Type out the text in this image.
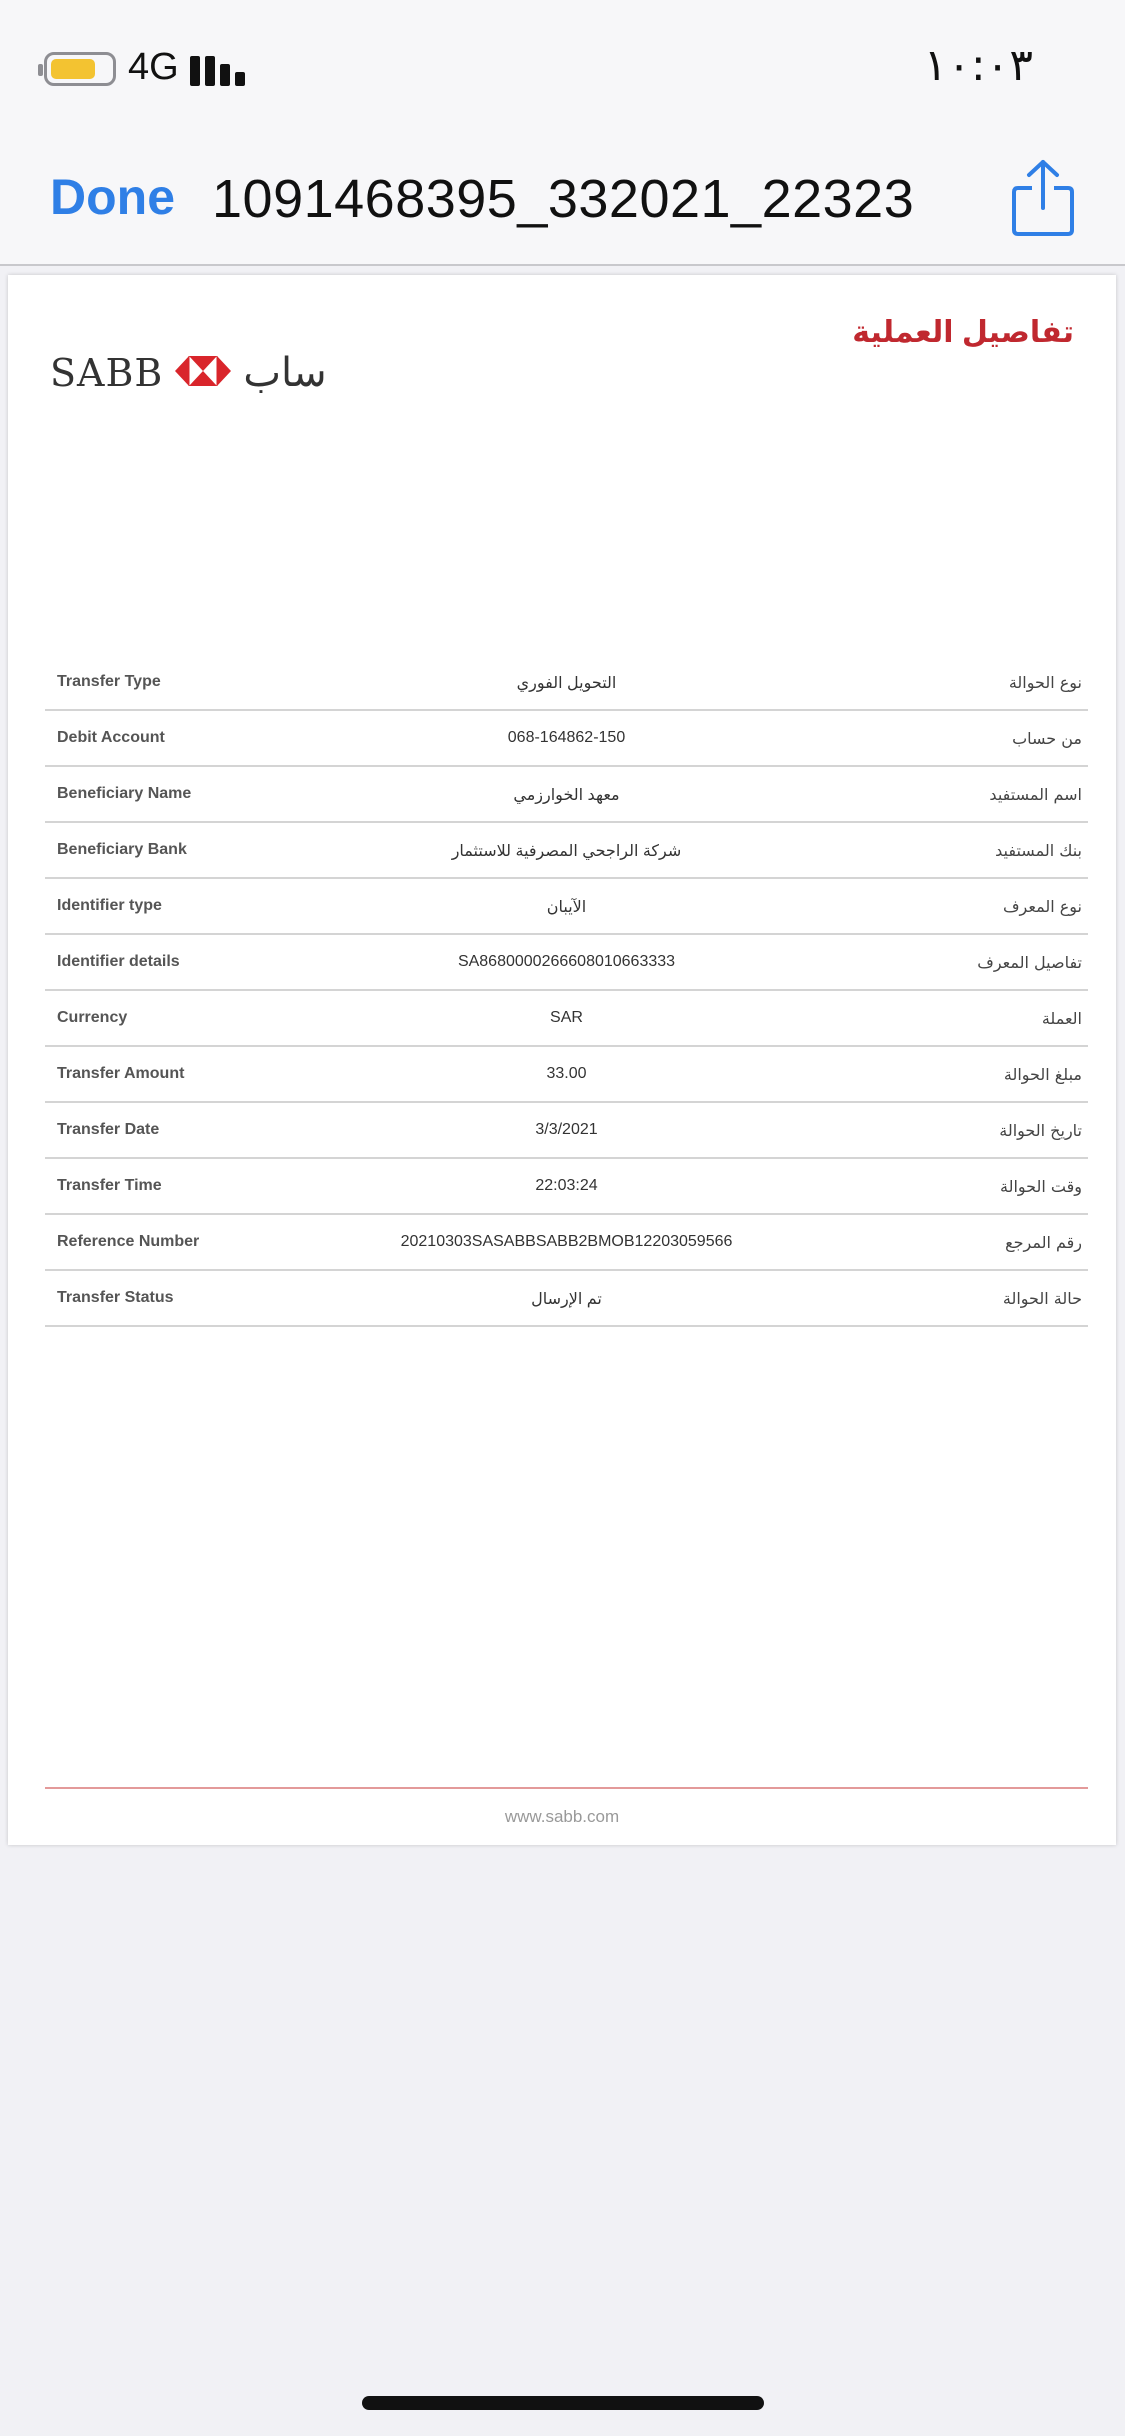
4G	١٠:٠٣
Done 1091468395_332021_22323
تفاصيل العملية
SABB ساب
Transfer Type	التحويل الفوري	نوع الحوالة
Debit Account	068-164862-150	من حساب
Beneficiary Name	معهد الخوارزمي	اسم المستفيد
Beneficiary Bank	شركة الراجحي المصرفية للاستثمار	بنك المستفيد
Identifier type	الآيبان	نوع المعرف
Identifier details	SA8680000266608010663333	تفاصيل المعرف
Currency	SAR	العملة
Transfer Amount	33.00	مبلغ الحوالة
Transfer Date	3/3/2021	تاريخ الحوالة
Transfer Time	22:03:24	وقت الحوالة
Reference Number	20210303SASABBSABB2BMOB12203059566	رقم المرجع
Transfer Status	تم الإرسال	حالة الحوالة
www.sabb.com
